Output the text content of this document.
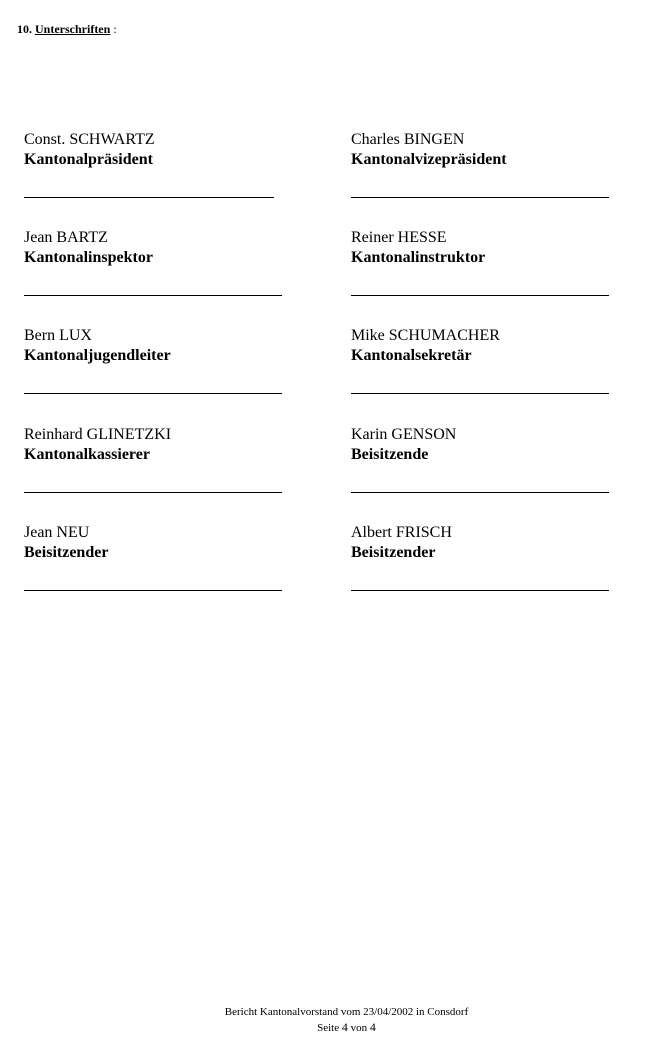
10. Unterschriften :
Const. SCHWARTZ
Kantonalpräsident
Charles BINGEN
Kantonalvizepräsident
Jean BARTZ
Kantonalinspektor
Reiner HESSE
Kantonalinstruktor
Bern LUX
Kantonaljugendleiter
Mike SCHUMACHER
Kantonalsekretär
Reinhard GLINETZKI
Kantonalkassierer
Karin GENSON
Beisitzende
Jean NEU
Beisitzender
Albert FRISCH
Beisitzender
Bericht Kantonalvorstand vom 23/04/2002 in Consdorf
Seite 4 von 4
